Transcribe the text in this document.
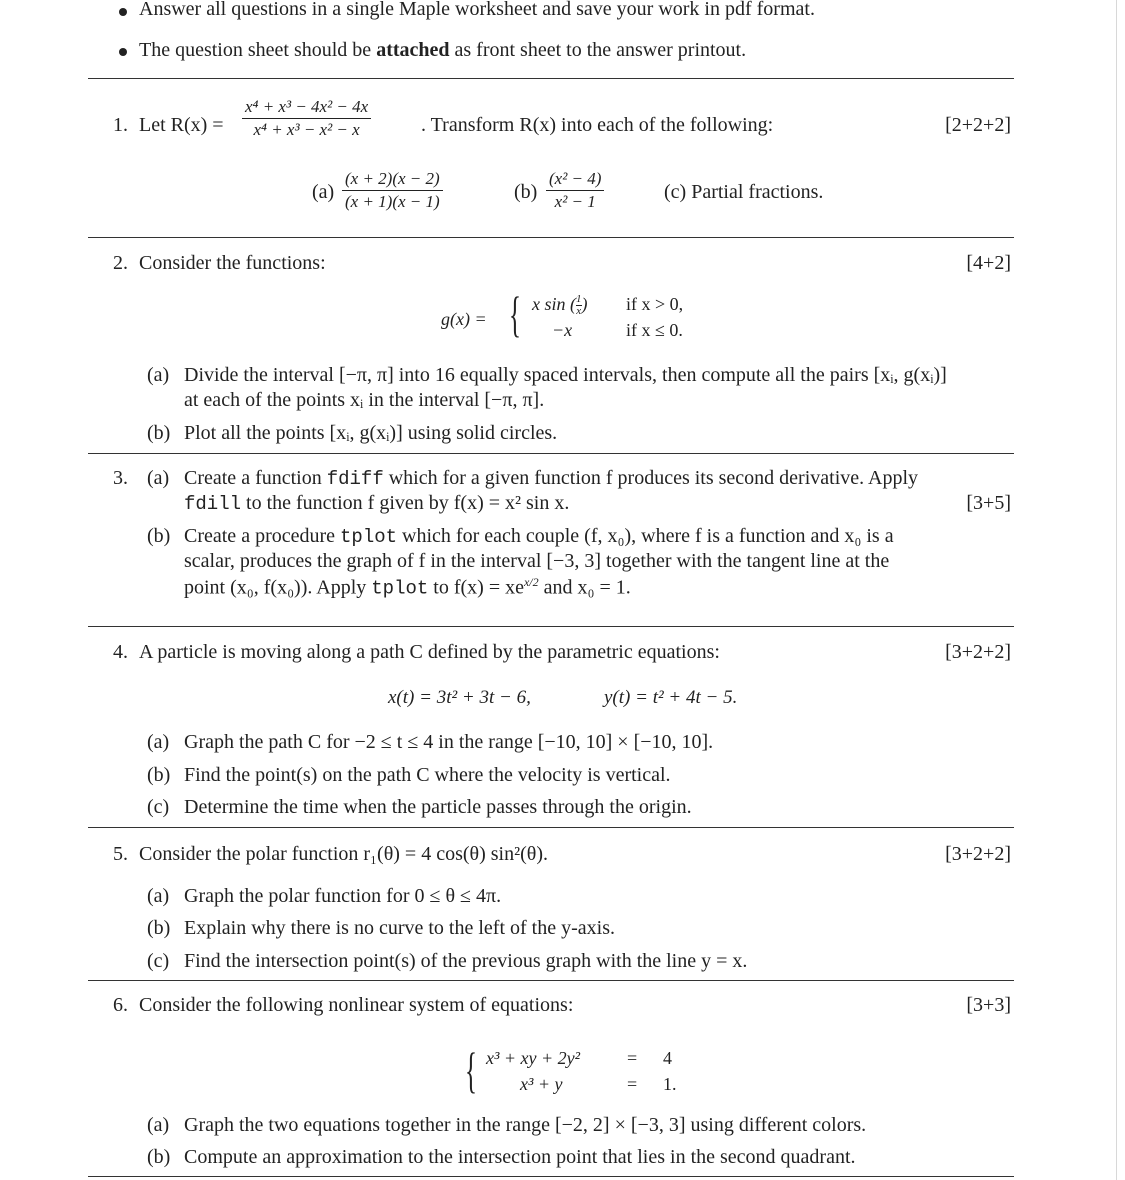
Answer all questions in a single Maple worksheet and save your work in pdf format.
The question sheet should be attached as front sheet to the answer printout.
1. Let $R(x) = \frac{\text{x⁴ + x³ − 4x² − 4x}}{\text{x⁴ + x³ − x² − x}}$ . Transform R(x) into each of the following:	[2+2+2]
$(a) \frac{(x + 2)(x - 2)}{(x + 1)(x - 1)}$	$(b) \frac{\text{(x² − 4)}}{\text{x² − 1}}$	(c) Partial fractions.
2. Consider the functions:	[4+2]
g(x) = { x sin ( $\frac{1}{x}$ ) if x > 0,
−x	if x ≤ 0.
(a) Divide the interval [−π, π] into 16 equally spaced intervals, then compute all the pairs [xᵢ, g(xᵢ)]
at each of the points xᵢ in the interval [−π, π].
(b) Plot all the points [xᵢ, g(xᵢ)] using solid circles.
3. (a) Create a function fdiff which for a given function f produces its second derivative. Apply
fdill to the function f given by f(x) = x² sin x.	[3+5]
(b) Create a procedure tplot which for each couple (f, x₀), where f is a function and x₀ is a
scalar, produces the graph of f in the interval [−3, 3] together with the tangent line at the
point (x₀, f(x₀)). Apply tplot to $f(x) = xe^{x/2}$ and x₀ = 1.
4. A particle is moving along a path C defined by the parametric equations:	[3+2+2]
x(t) = 3t² + 3t − 6,	y(t) = t² + 4t − 5.
(a) Graph the path C for −2 ≤ t ≤ 4 in the range [−10, 10] × [−10, 10].
(b) Find the point(s) on the path C where the velocity is vertical.
(c) Determine the time when the particle passes through the origin.
5. Consider the polar function r₁(θ) = 4 cos(θ) sin²(θ).	[3+2+2]
(a) Graph the polar function for 0 ≤ θ ≤ 4π.
(b) Explain why there is no curve to the left of the y-axis.
(c) Find the intersection point(s) of the previous graph with the line y = x.
6. Consider the following nonlinear system of equations:	[3+3]
{ x³ + xy + 2y²	= 4
x³ + y	= 1.
(a) Graph the two equations together in the range [−2, 2] × [−3, 3] using different colors.
(b) Compute an approximation to the intersection point that lies in the second quadrant.
